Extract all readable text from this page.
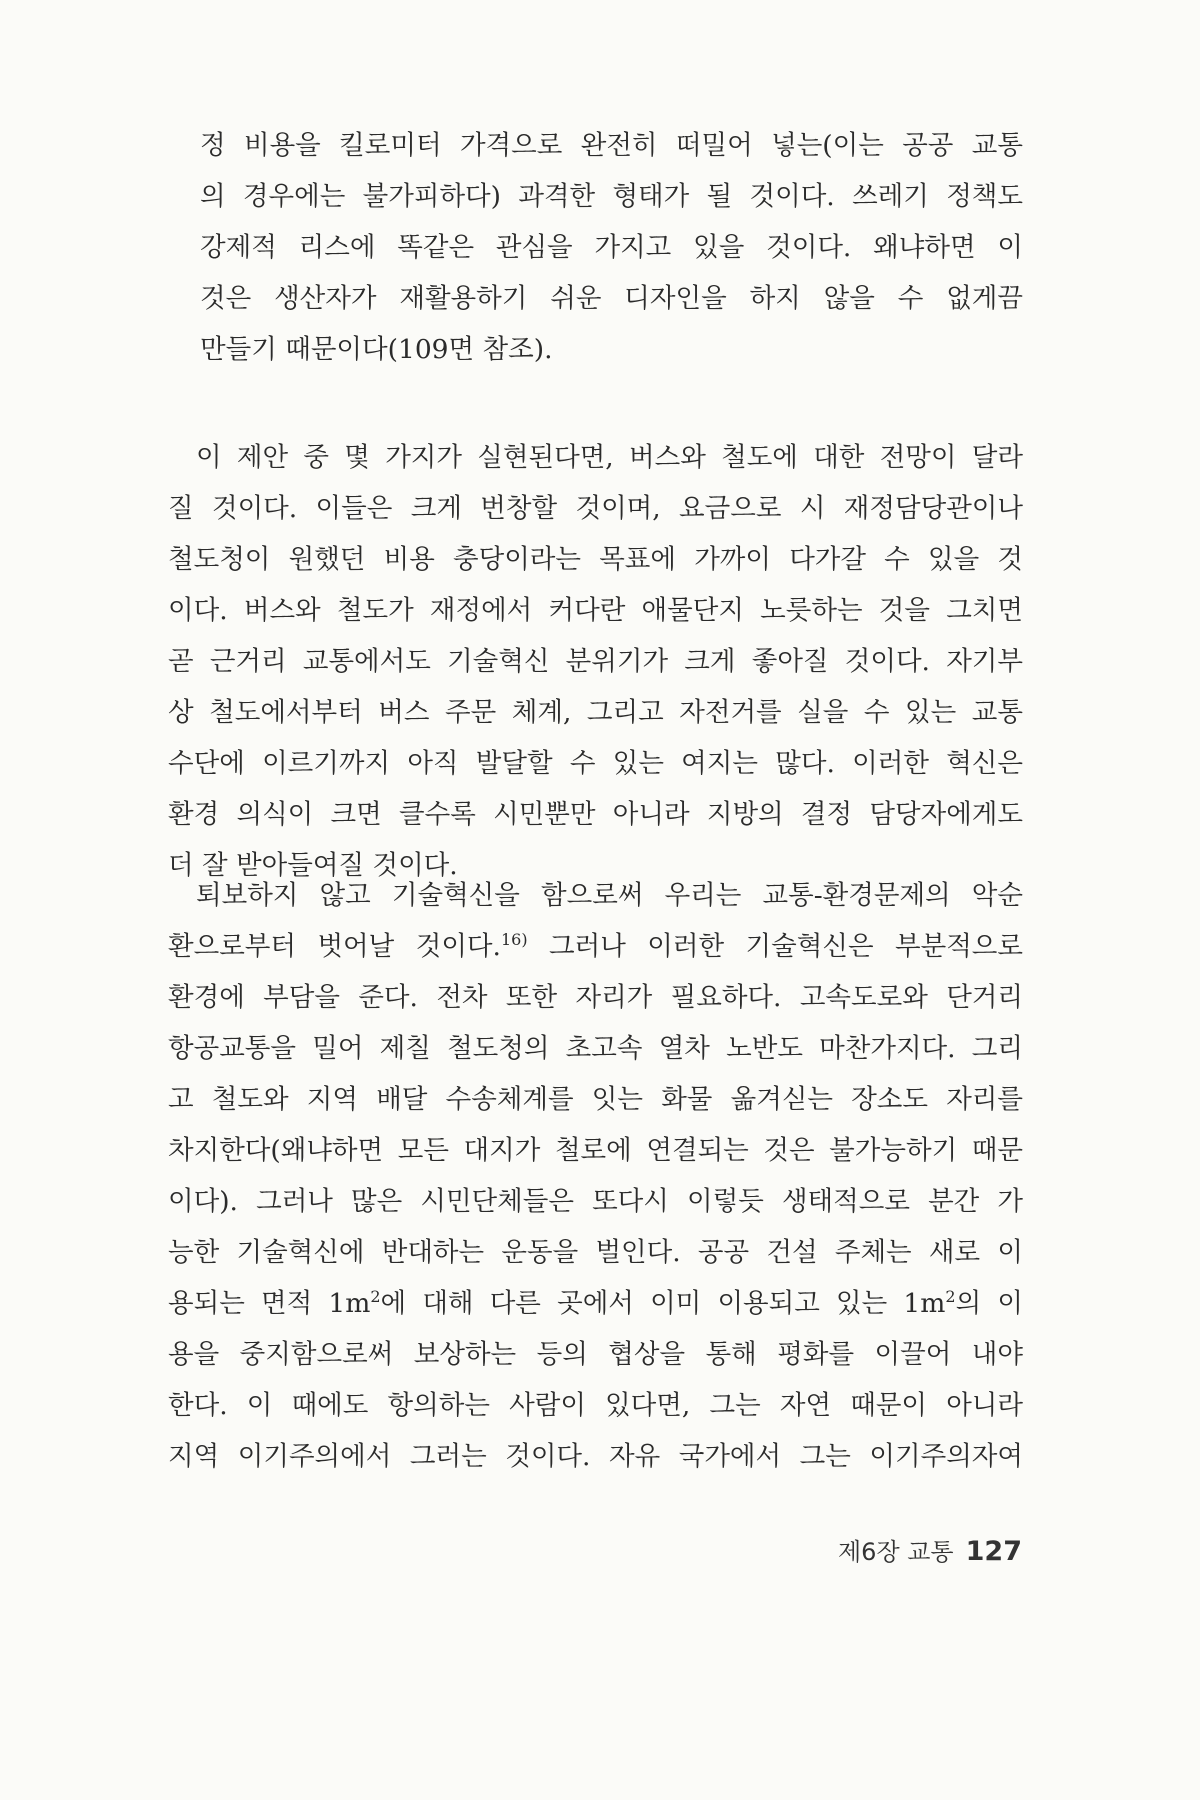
정 비용을 킬로미터 가격으로 완전히 떠밀어 넣는(이는 공공 교통
의 경우에는 불가피하다) 과격한 형태가 될 것이다. 쓰레기 정책도
강제적 리스에 똑같은 관심을 가지고 있을 것이다. 왜냐하면 이
것은 생산자가 재활용하기 쉬운 디자인을 하지 않을 수 없게끔
만들기 때문이다(109면 참조).
이 제안 중 몇 가지가 실현된다면, 버스와 철도에 대한 전망이 달라
질 것이다. 이들은 크게 번창할 것이며, 요금으로 시 재정담당관이나
철도청이 원했던 비용 충당이라는 목표에 가까이 다가갈 수 있을 것
이다. 버스와 철도가 재정에서 커다란 애물단지 노릇하는 것을 그치면
곧 근거리 교통에서도 기술혁신 분위기가 크게 좋아질 것이다. 자기부
상 철도에서부터 버스 주문 체계, 그리고 자전거를 실을 수 있는 교통
수단에 이르기까지 아직 발달할 수 있는 여지는 많다. 이러한 혁신은
환경 의식이 크면 클수록 시민뿐만 아니라 지방의 결정 담당자에게도
더 잘 받아들여질 것이다.
퇴보하지 않고 기술혁신을 함으로써 우리는 교통-환경문제의 악순
환으로부터 벗어날 것이다.$^{16)}$ 그러나 이러한 기술혁신은 부분적으로
환경에 부담을 준다. 전차 또한 자리가 필요하다. 고속도로와 단거리
항공교통을 밀어 제칠 철도청의 초고속 열차 노반도 마찬가지다. 그리
고 철도와 지역 배달 수송체계를 잇는 화물 옮겨싣는 장소도 자리를
차지한다(왜냐하면 모든 대지가 철로에 연결되는 것은 불가능하기 때문
이다). 그러나 많은 시민단체들은 또다시 이렇듯 생태적으로 분간 가
능한 기술혁신에 반대하는 운동을 벌인다. 공공 건설 주체는 새로 이
용되는 면적 $1m^2$에 대해 다른 곳에서 이미 이용되고 있는 $1m^2$의 이
용을 중지함으로써 보상하는 등의 협상을 통해 평화를 이끌어 내야
한다. 이 때에도 항의하는 사람이 있다면, 그는 자연 때문이 아니라
지역 이기주의에서 그러는 것이다. 자유 국가에서 그는 이기주의자여
제6장 교통 127
